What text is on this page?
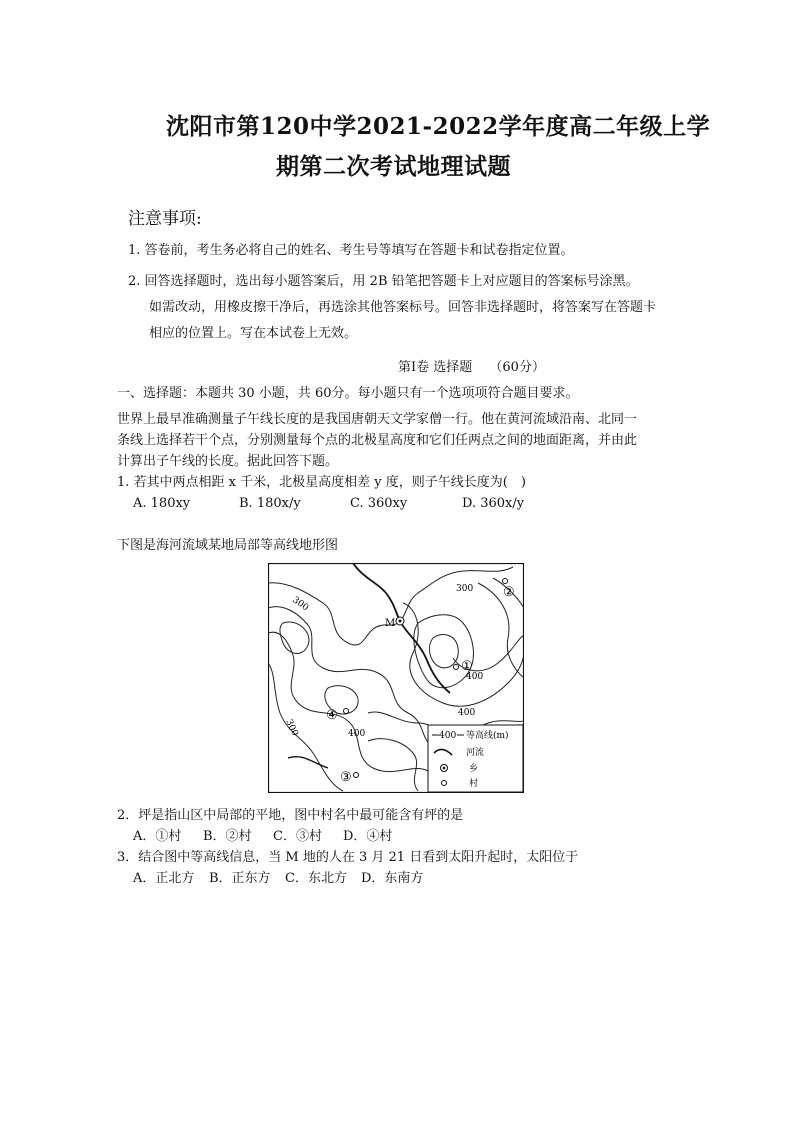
沈阳市第120中学2021-2022学年度高二年级上学
期第二次考试地理试题
注意事项:
1. 答卷前，考生务必将自己的姓名、考生号等填写在答题卡和试卷指定位置。
2. 回答选择题时，选出每小题答案后，用 2B 铅笔把答题卡上对应题目的答案标号涂黑。
如需改动，用橡皮擦干净后，再选涂其他答案标号。回答非选择题时，将答案写在答题卡
相应的位置上。写在本试卷上无效。
第I卷 选择题　 （60分）
一、选择题：本题共 30 小题，共 60分。每小题只有一个选项项符合题目要求。
世界上最早准确测量子午线长度的是我国唐朝天文学家僧一行。他在黄河流域沿南、北同一
条线上选择若干个点，分别测量每个点的北极星高度和它们任两点之间的地面距离，并由此
计算出子午线的长度。据此回答下题。
1. 若其中两点相距 x 千米，北极星高度相差 y 度，则子午线长度为(　)
A. 180xy	B. 180x/y	C. 360xy	D. 360x/y
下图是海河流域某地局部等高线地形图
M
①
②
③
④
300
300
300
400
400
400	400 等高线(m)
河流
乡
村
2．坪是指山区中局部的平地，图中村名中最可能含有坪的是
A．①村 B．②村 C．③村 D．④村
3．结合图中等高线信息，当 M 地的人在 3 月 21 日看到太阳升起时，太阳位于
A．正北方 B．正东方 C．东北方 D．东南方
